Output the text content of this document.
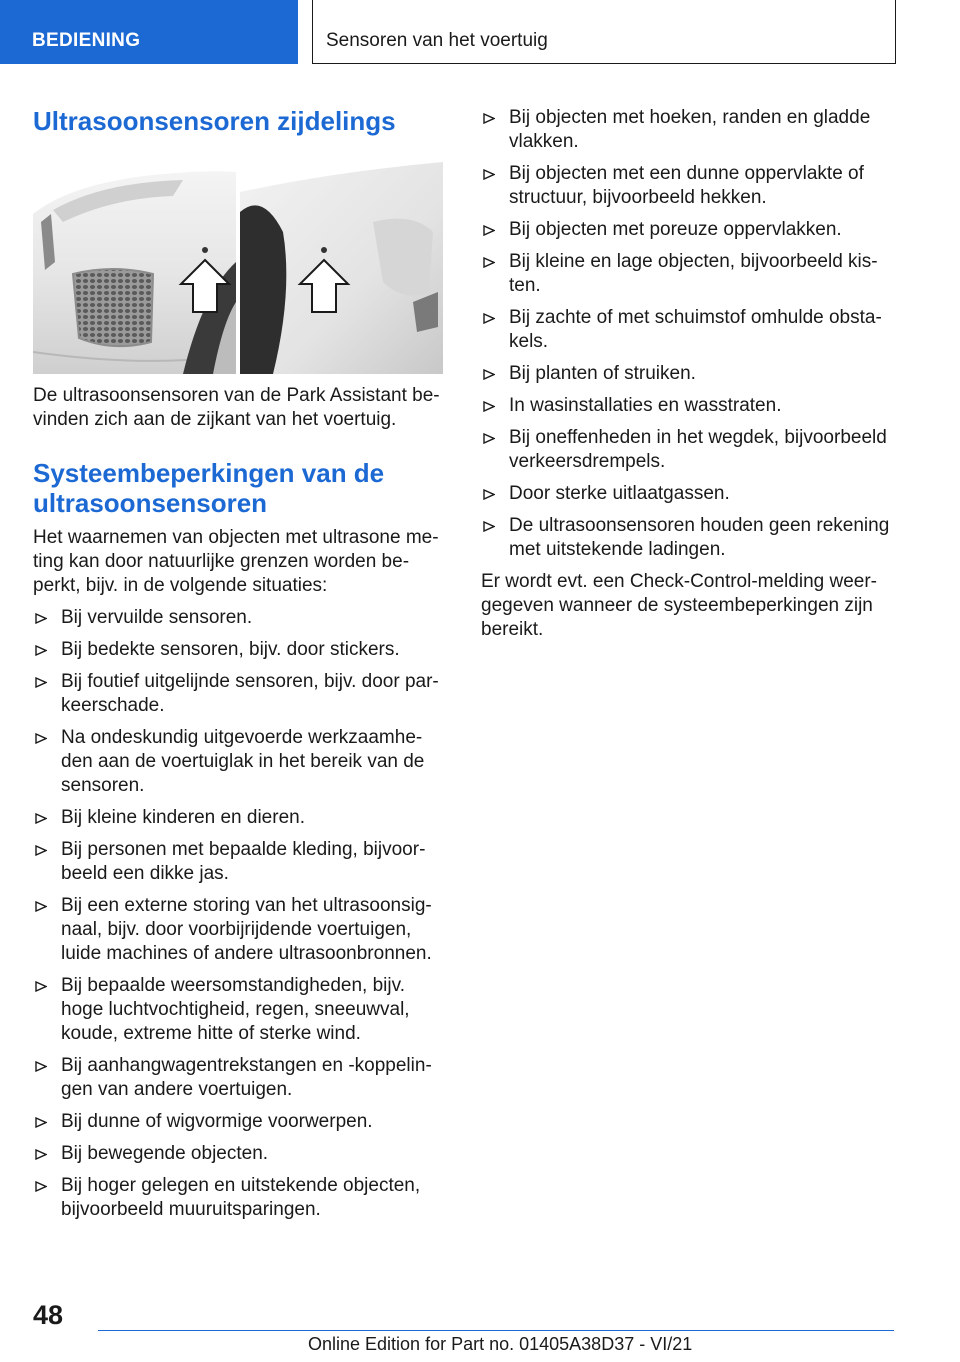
BEDIENING	Sensoren van het voertuig
Ultrasoonsensoren zijdelings

De ultrasoonsensoren van de Park Assistant bevinden zich aan de zijkant van het voertuig.

Systeembeperkingen van de ultrasoonsensoren

Het waarnemen van objecten met ultrasone meting kan door natuurlijke grenzen worden beperkt, bijv. in de volgende situaties:

Bij vervuilde sensoren.
Bij bedekte sensoren, bijv. door stickers.
Bij foutief uitgelijnde sensoren, bijv. door parkeerschade.
Na ondeskundig uitgevoerde werkzaamheden aan de voertuiglak in het bereik van de sensoren.
Bij kleine kinderen en dieren.
Bij personen met bepaalde kleding, bijvoorbeeld een dikke jas.
Bij een externe storing van het ultrasoonsignaal, bijv. door voorbijrijdende voertuigen, luide machines of andere ultrasoonbronnen.
Bij bepaalde weersomstandigheden, bijv. hoge luchtvochtigheid, regen, sneeuwval, koude, extreme hitte of sterke wind.
Bij aanhangwagentrekstangen en -koppelingen van andere voertuigen.
Bij dunne of wigvormige voorwerpen.
Bij bewegende objecten.
Bij hoger gelegen en uitstekende objecten, bijvoorbeeld muuruitsparingen.
Bij objecten met hoeken, randen en gladde vlakken.
Bij objecten met een dunne oppervlakte of structuur, bijvoorbeeld hekken.
Bij objecten met poreuze oppervlakken.
Bij kleine en lage objecten, bijvoorbeeld kisten.
Bij zachte of met schuimstof omhulde obstakels.
Bij planten of struiken.
In wasinstallaties en wasstraten.
Bij oneffenheden in het wegdek, bijvoorbeeld verkeersdrempels.
Door sterke uitlaatgassen.
De ultrasoonsensoren houden geen rekening met uitstekende ladingen.

Er wordt evt. een Check-Control-melding weergegeven wanneer de systeembeperkingen zijn bereikt.

48
Online Edition for Part no. 01405A38D37 - VI/21
